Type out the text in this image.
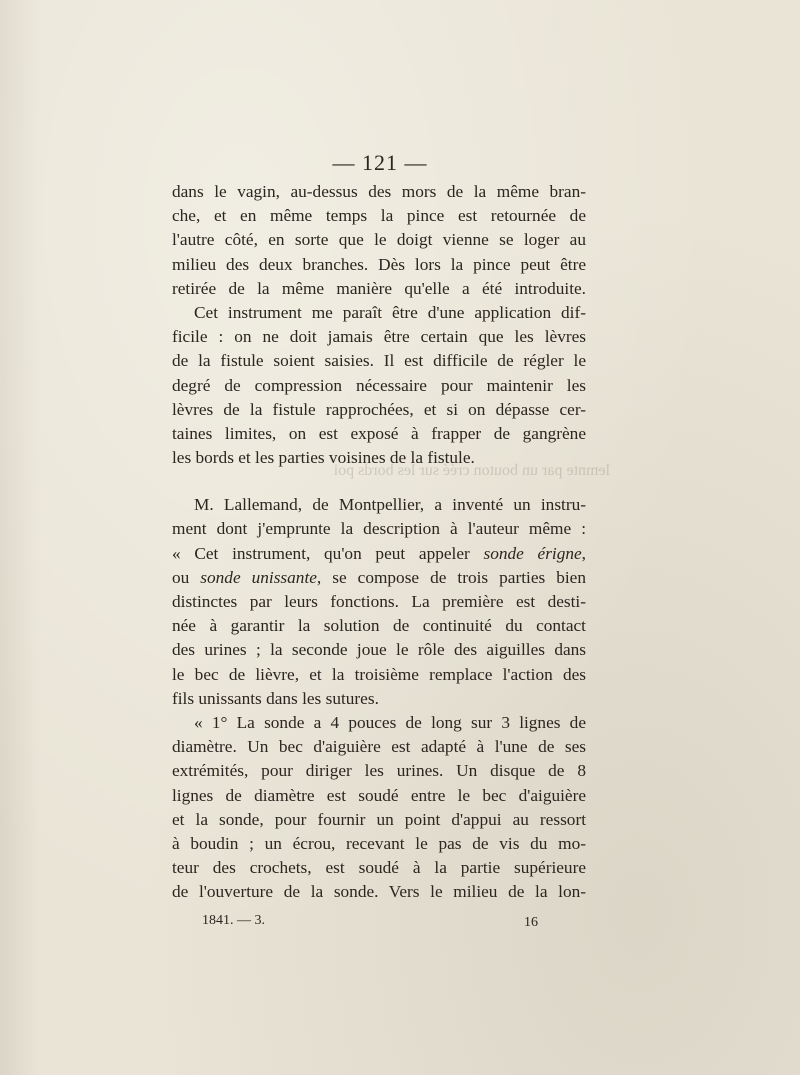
lemnte par un bouton créé sur les bords poi
— 121 —
dans le vagin, au-dessus des mors de la même bran-
che, et en même temps la pince est retournée de
l'autre côté, en sorte que le doigt vienne se loger au
milieu des deux branches. Dès lors la pince peut être
retirée de la même manière qu'elle a été introduite.
Cet instrument me paraît être d'une application dif-
ficile : on ne doit jamais être certain que les lèvres
de la fistule soient saisies. Il est difficile de régler le
degré de compression nécessaire pour maintenir les
lèvres de la fistule rapprochées, et si on dépasse cer-
taines limites, on est exposé à frapper de gangrène
les bords et les parties voisines de la fistule.
M. Lallemand, de Montpellier, a inventé un instru-
ment dont j'emprunte la description à l'auteur même :
« Cet instrument, qu'on peut appeler sonde érigne,
ou sonde unissante, se compose de trois parties bien
distinctes par leurs fonctions. La première est desti-
née à garantir la solution de continuité du contact
des urines ; la seconde joue le rôle des aiguilles dans
le bec de lièvre, et la troisième remplace l'action des
fils unissants dans les sutures.
« 1° La sonde a 4 pouces de long sur 3 lignes de
diamètre. Un bec d'aiguière est adapté à l'une de ses
extrémités, pour diriger les urines. Un disque de 8
lignes de diamètre est soudé entre le bec d'aiguière
et la sonde, pour fournir un point d'appui au ressort
à boudin ; un écrou, recevant le pas de vis du mo-
teur des crochets, est soudé à la partie supérieure
de l'ouverture de la sonde. Vers le milieu de la lon-
1841. — 3.	16
